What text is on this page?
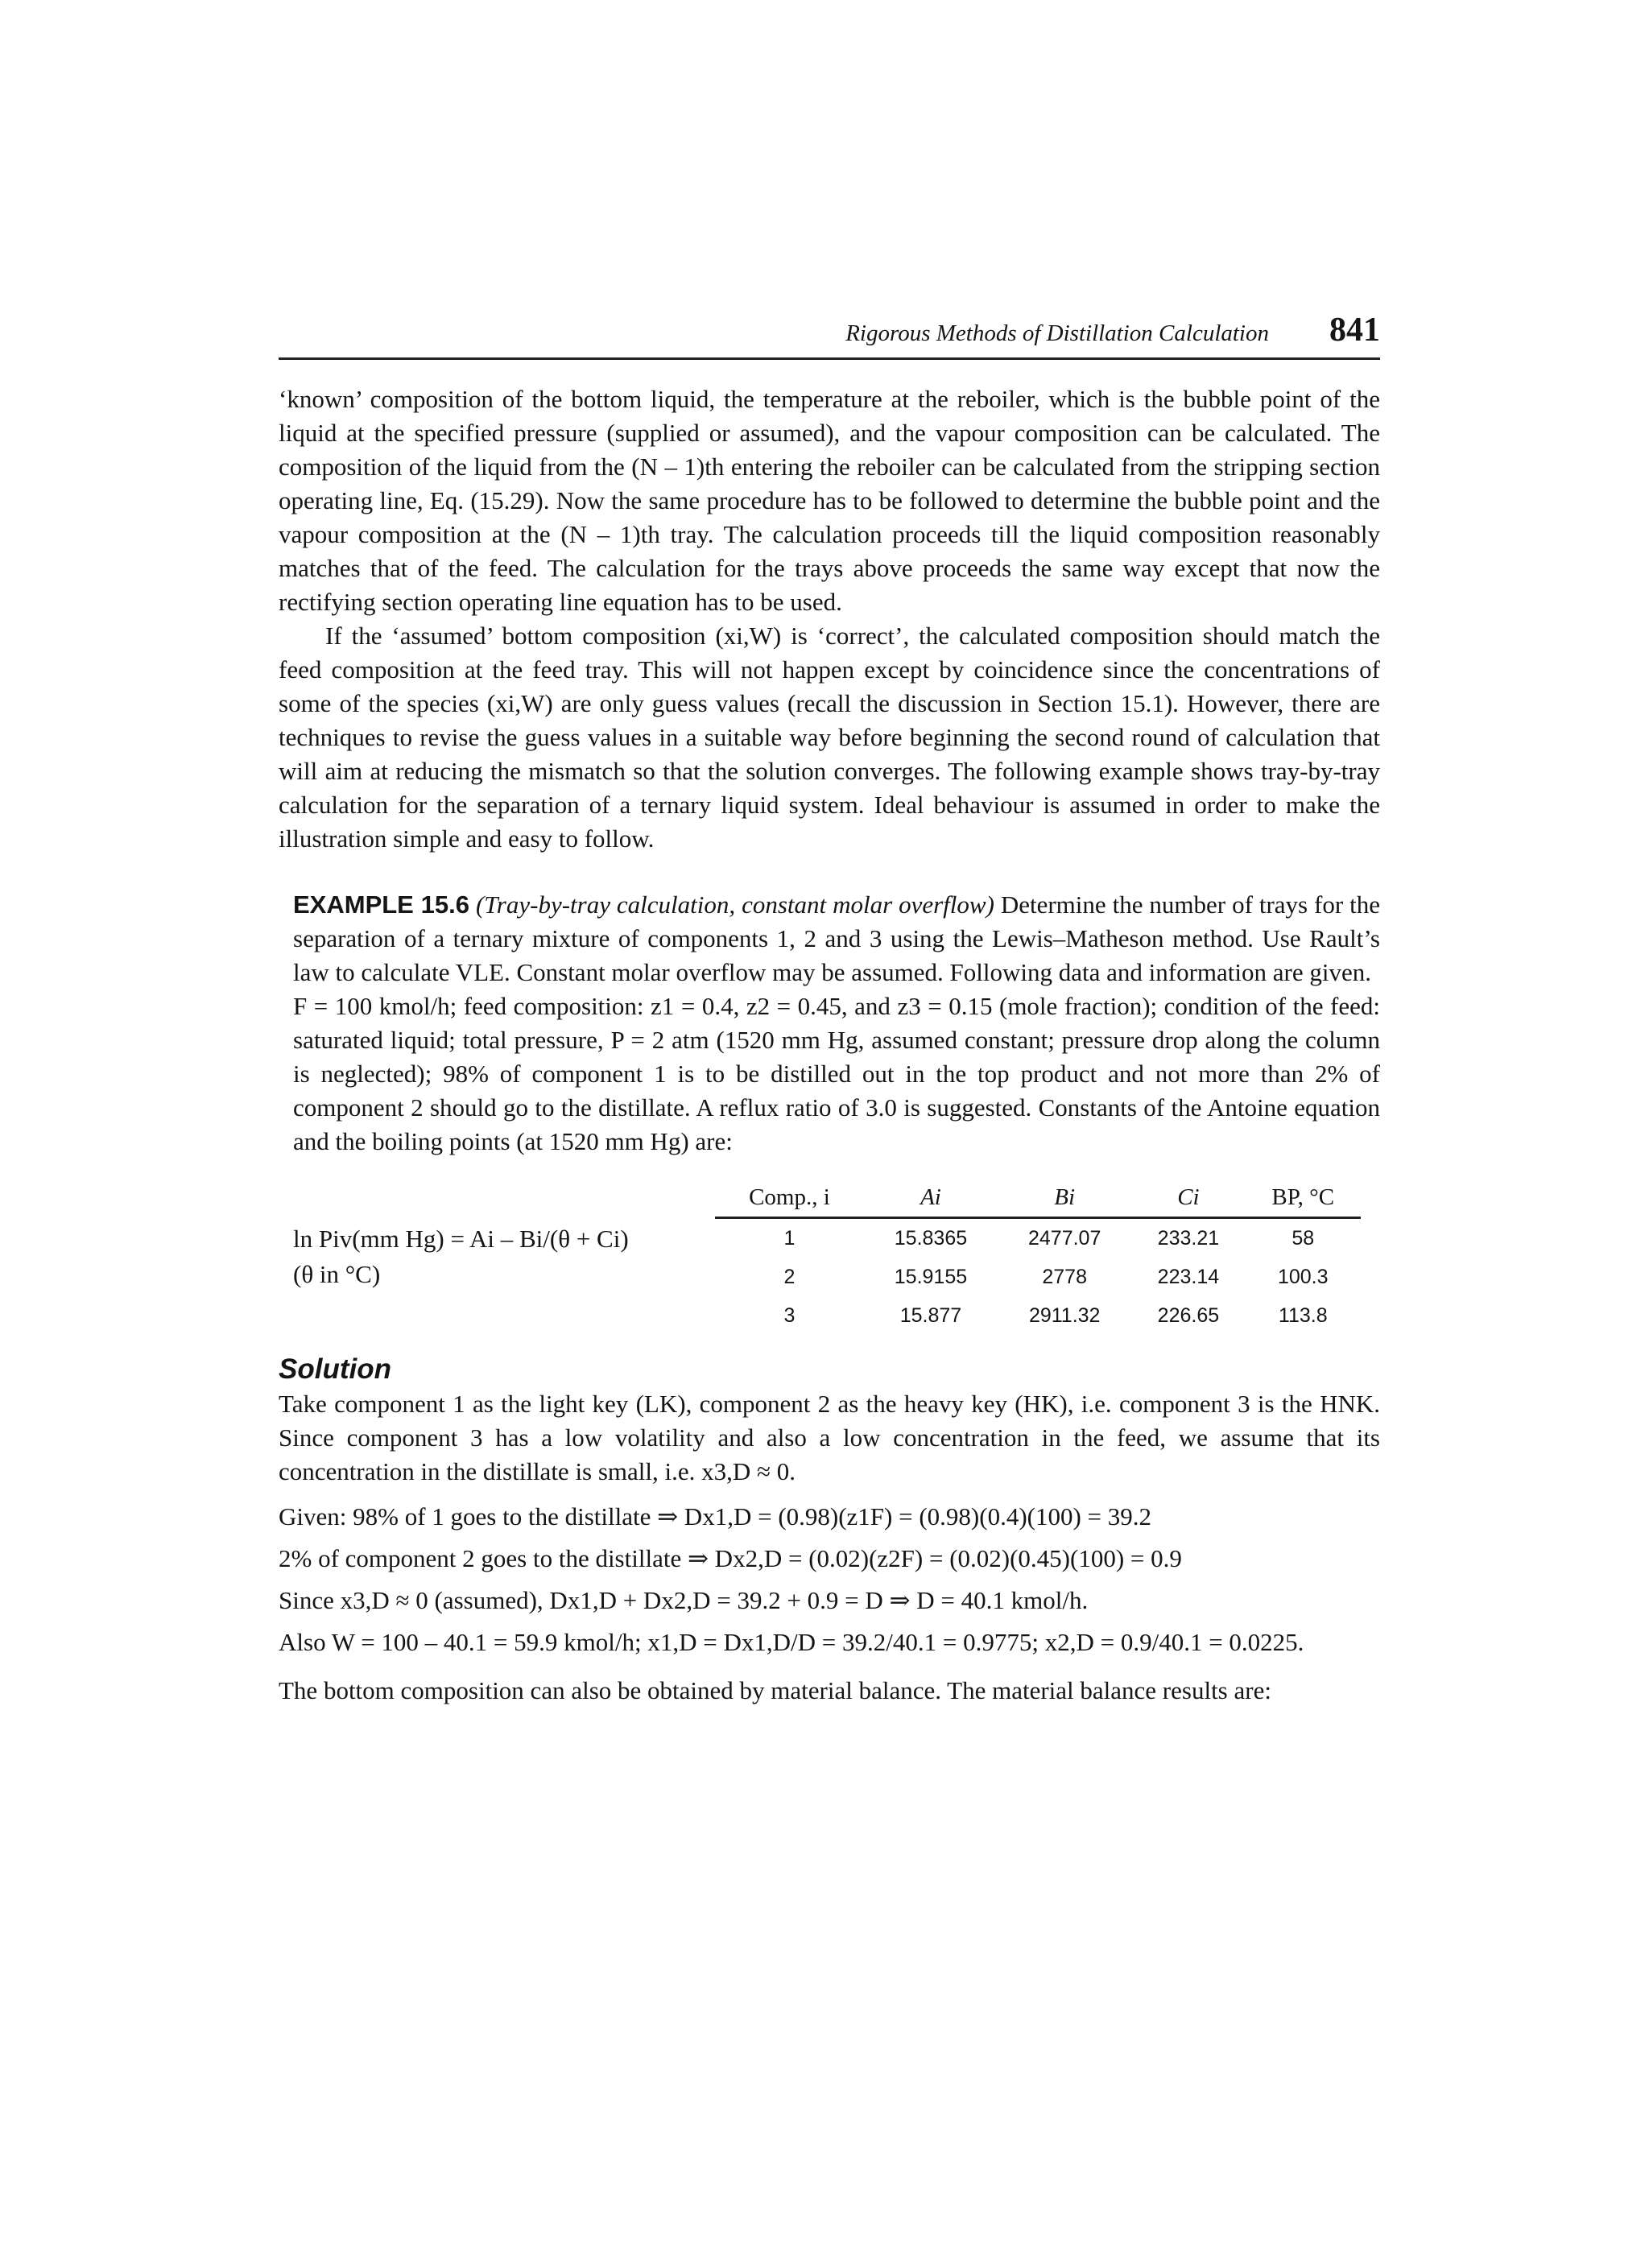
Rigorous Methods of Distillation Calculation 841

‘known’ composition of the bottom liquid, the temperature at the reboiler, which is the bubble point of the liquid at the specified pressure (supplied or assumed), and the vapour composition can be calculated. The composition of the liquid from the (N – 1)th entering the reboiler can be calculated from the stripping section operating line, Eq. (15.29). Now the same procedure has to be followed to determine the bubble point and the vapour composition at the (N – 1)th tray. The calculation proceeds till the liquid composition reasonably matches that of the feed. The calculation for the trays above proceeds the same way except that now the rectifying section operating line equation has to be used.

If the ‘assumed’ bottom composition (xi,W) is ‘correct’, the calculated composition should match the feed composition at the feed tray. This will not happen except by coincidence since the concentrations of some of the species (xi,W) are only guess values (recall the discussion in Section 15.1). However, there are techniques to revise the guess values in a suitable way before beginning the second round of calculation that will aim at reducing the mismatch so that the solution converges. The following example shows tray-by-tray calculation for the separation of a ternary liquid system. Ideal behaviour is assumed in order to make the illustration simple and easy to follow.

EXAMPLE 15.6 (Tray-by-tray calculation, constant molar overflow) Determine the number of trays for the separation of a ternary mixture of components 1, 2 and 3 using the Lewis–Matheson method. Use Rault’s law to calculate VLE. Constant molar overflow may be assumed. Following data and information are given.
F = 100 kmol/h; feed composition: z1 = 0.4, z2 = 0.45, and z3 = 0.15 (mole fraction); condition of the feed: saturated liquid; total pressure, P = 2 atm (1520 mm Hg, assumed constant; pressure drop along the column is neglected); 98% of component 1 is to be distilled out in the top product and not more than 2% of component 2 should go to the distillate. A reflux ratio of 3.0 is suggested. Constants of the Antoine equation and the boiling points (at 1520 mm Hg) are:
ln Piv(mm Hg) = Ai – Bi/(θ + Ci)
(θ in °C)
Comp., i	Ai	Bi	Ci	BP, °C
1	15.8365	2477.07	233.21	58
2	15.9155	2778	223.14	100.3
3	15.877	2911.32	226.65	113.8
Solution

Take component 1 as the light key (LK), component 2 as the heavy key (HK), i.e. component 3 is the HNK. Since component 3 has a low volatility and also a low concentration in the feed, we assume that its concentration in the distillate is small, i.e. x3,D ≈ 0.

Given: 98% of 1 goes to the distillate ⇒ Dx1,D = (0.98)(z1F) = (0.98)(0.4)(100) = 39.2

2% of component 2 goes to the distillate ⇒ Dx2,D = (0.02)(z2F) = (0.02)(0.45)(100) = 0.9

Since x3,D ≈ 0 (assumed), Dx1,D + Dx2,D = 39.2 + 0.9 = D ⇒ D = 40.1 kmol/h.

Also W = 100 – 40.1 = 59.9 kmol/h; x1,D = Dx1,D/D = 39.2/40.1 = 0.9775; x2,D = 0.9/40.1 = 0.0225.

The bottom composition can also be obtained by material balance. The material balance results are:
